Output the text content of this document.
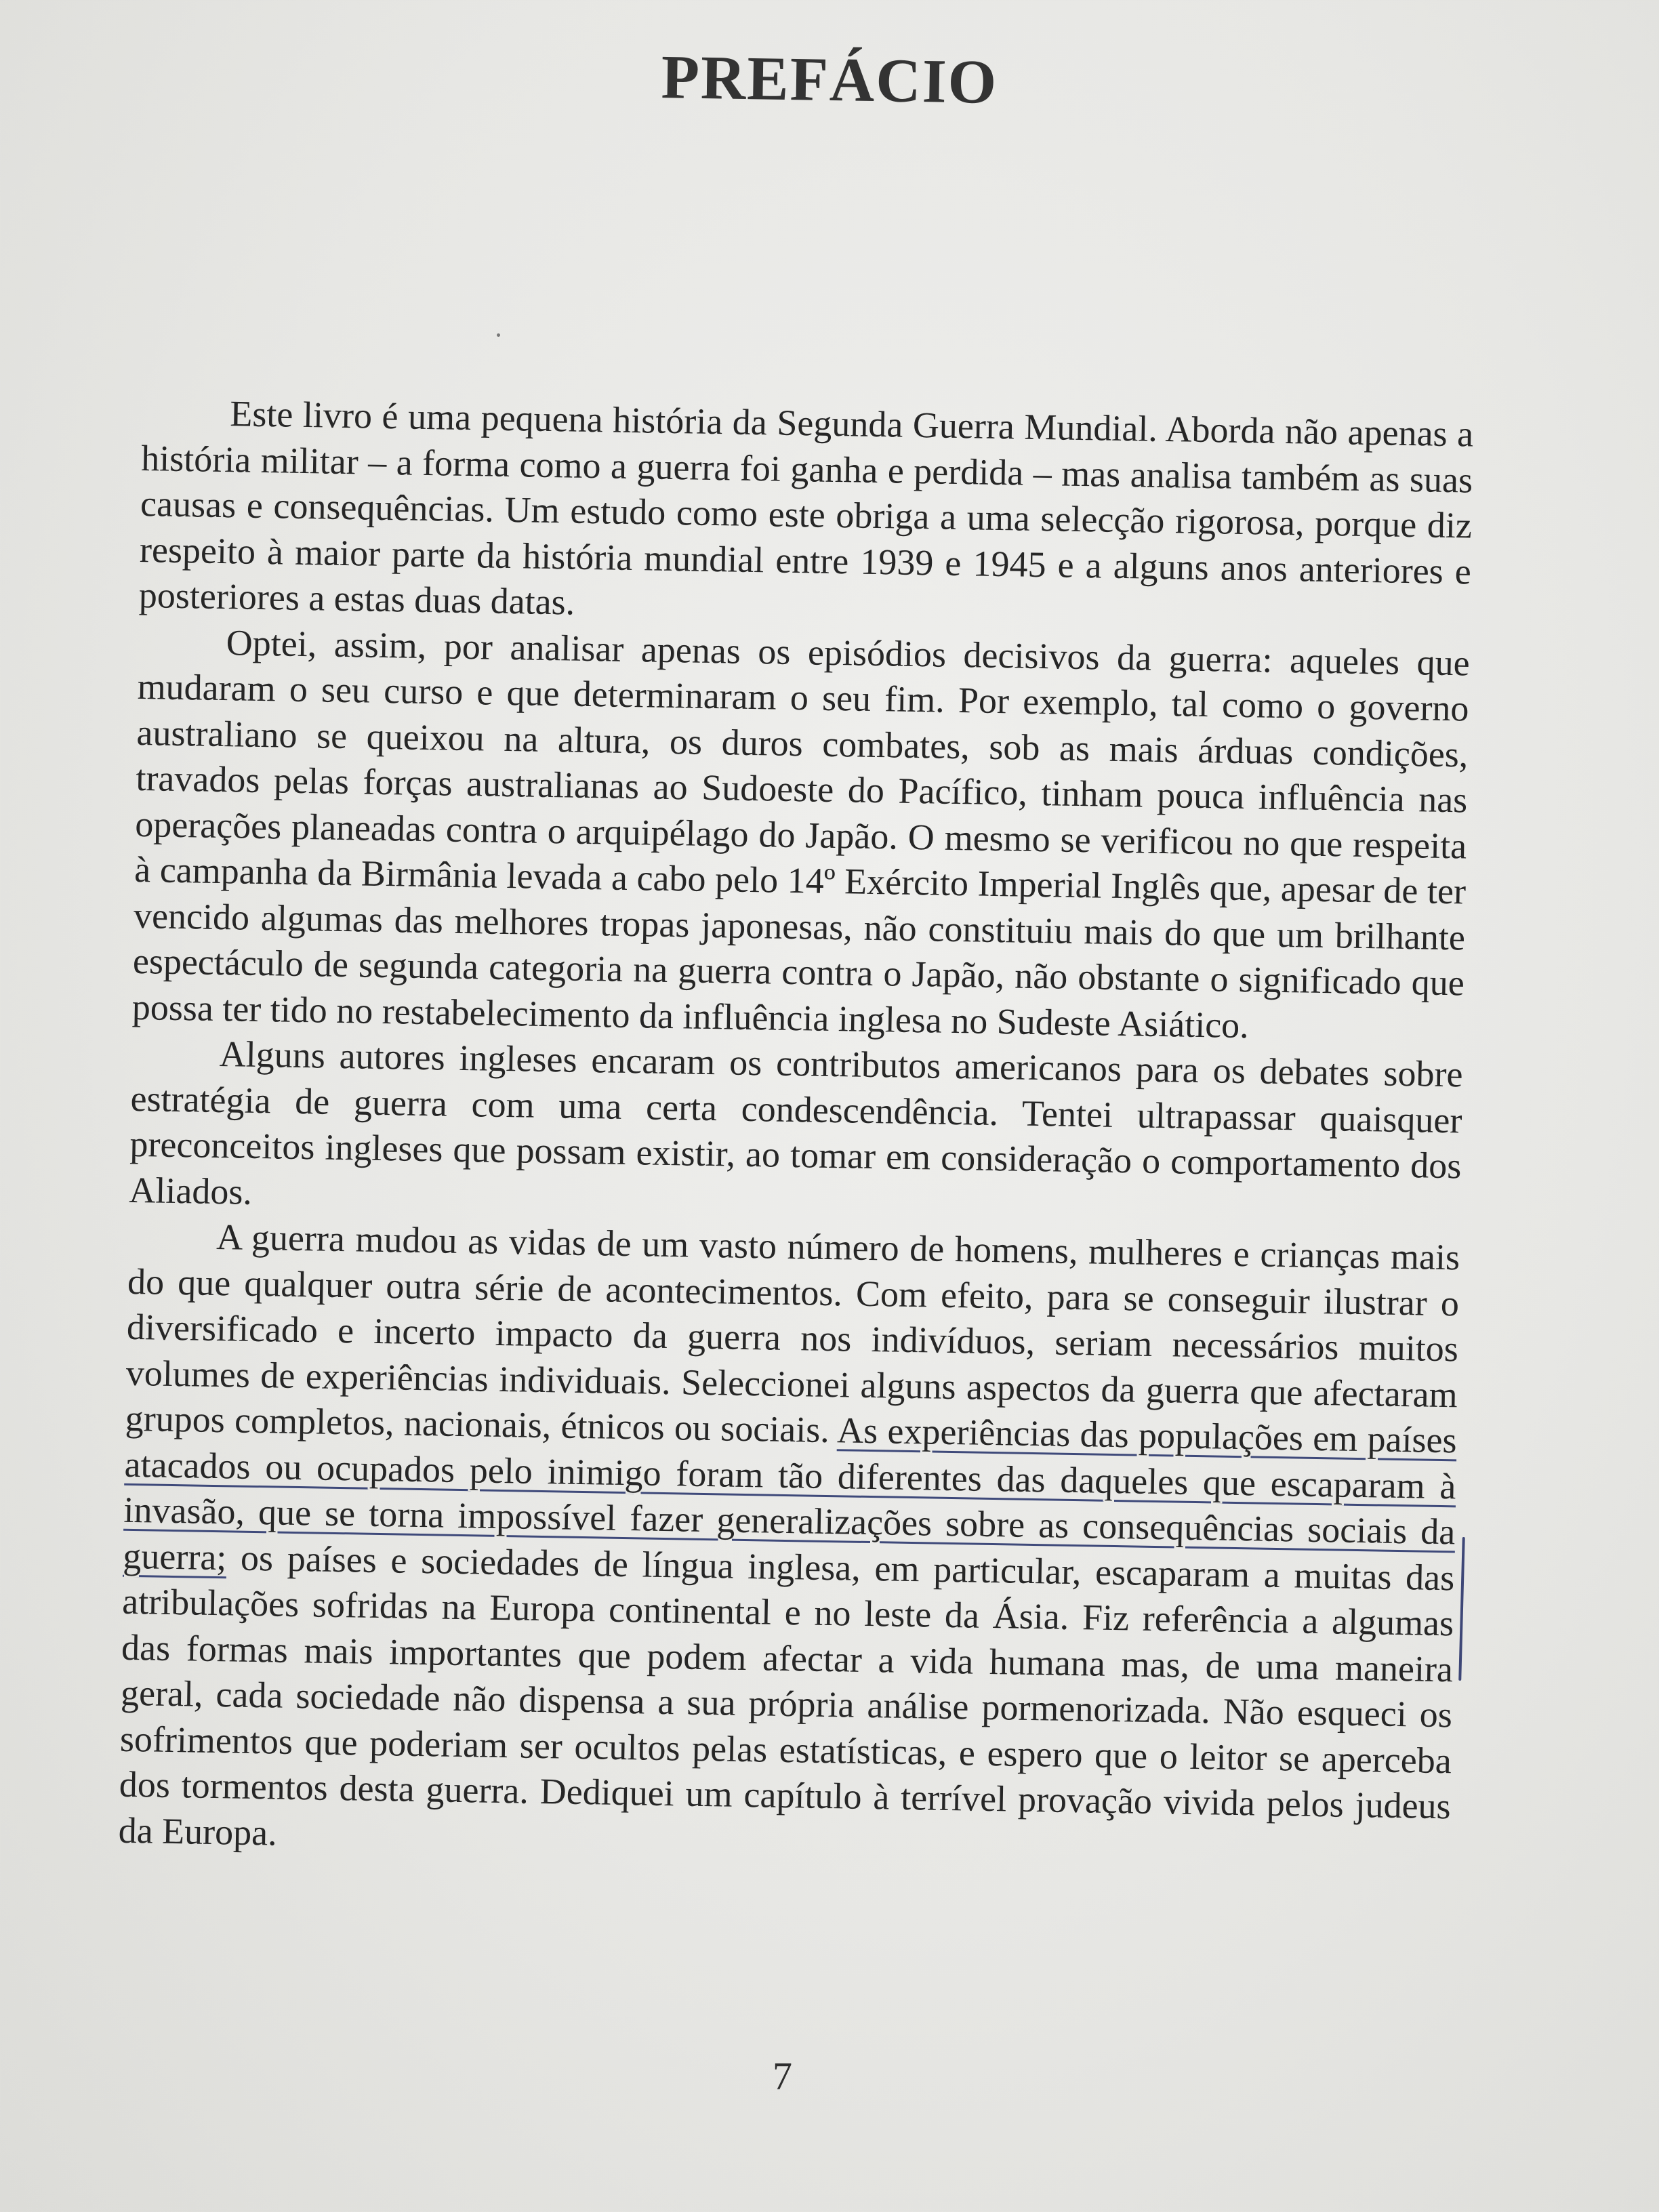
PREFÁCIO

Este livro é uma pequena história da Segunda Guerra Mundial. Aborda não apenas a história militar – a forma como a guerra foi ganha e perdida – mas analisa também as suas causas e consequências. Um estudo como este obriga a uma selecção rigorosa, porque diz respeito à maior parte da história mundial entre 1939 e 1945 e a alguns anos anteriores e posteriores a estas duas datas.

Optei, assim, por analisar apenas os episódios decisivos da guerra: aqueles que mudaram o seu curso e que determinaram o seu fim. Por exemplo, tal como o governo australiano se queixou na altura, os duros combates, sob as mais árduas condições, travados pelas forças australianas ao Sudoeste do Pacífico, tinham pouca influência nas operações planeadas contra o arquipélago do Japão. O mesmo se verificou no que respeita à campanha da Birmânia levada a cabo pelo 14º Exército Imperial Inglês que, apesar de ter vencido algumas das melhores tropas japonesas, não constituiu mais do que um brilhante espectáculo de segunda categoria na guerra contra o Japão, não obstante o significado que possa ter tido no restabelecimento da influência inglesa no Sudeste Asiático.

Alguns autores ingleses encaram os contributos americanos para os debates sobre estratégia de guerra com uma certa condescendência. Tentei ultrapassar quaisquer preconceitos ingleses que possam existir, ao tomar em consideração o comportamento dos Aliados.

A guerra mudou as vidas de um vasto número de homens, mulheres e crianças mais do que qualquer outra série de acontecimentos. Com efeito, para se conseguir ilustrar o diversificado e incerto impacto da guerra nos indivíduos, seriam necessários muitos volumes de experiências individuais. Seleccionei alguns aspectos da guerra que afectaram grupos completos, nacionais, étnicos ou sociais. As experiências das populações em países atacados ou ocupados pelo inimigo foram tão diferentes das daqueles que escaparam à invasão, que se torna impossível fazer generalizações sobre as consequências sociais da guerra; os países e sociedades de língua inglesa, em particular, escaparam a muitas das atribulações sofridas na Europa continental e no leste da Ásia. Fiz referência a algumas das formas mais importantes que podem afectar a vida humana mas, de uma maneira geral, cada sociedade não dispensa a sua própria análise pormenorizada. Não esqueci os sofrimentos que poderiam ser ocultos pelas estatísticas, e espero que o leitor se aperceba dos tormentos desta guerra. Dediquei um capítulo à terrível provação vivida pelos judeus da Europa.

7
